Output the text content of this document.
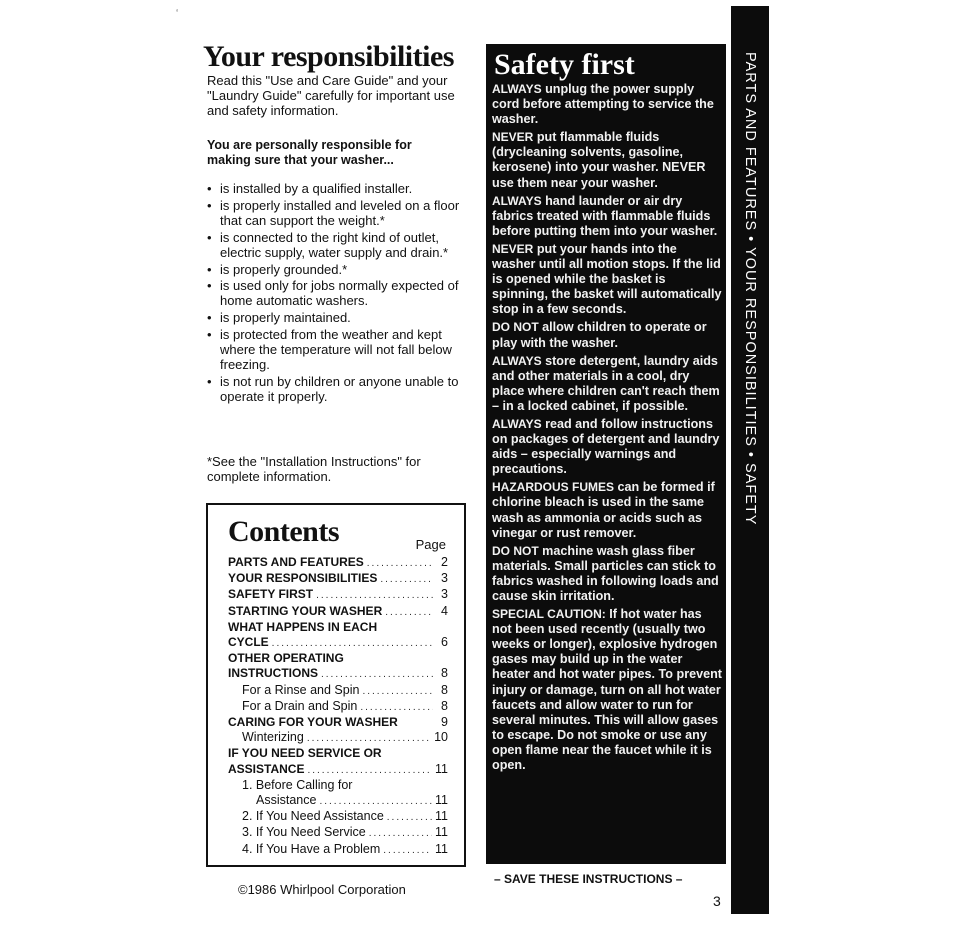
‘
Your responsibilities

Read this "Use and Care Guide" and your "Laundry Guide" carefully for important use and safety information.

You are personally responsible for making sure that your washer...

• is installed by a qualified installer.
• is properly installed and leveled on a floor that can support the weight.*
• is connected to the right kind of outlet, electric supply, water supply and drain.*
• is properly grounded.*
• is used only for jobs normally expected of home automatic washers.
• is properly maintained.
• is protected from the weather and kept where the temperature will not fall below freezing.
• is not run by children or anyone unable to operate it properly.

*See the "Installation Instructions" for complete information.

Contents	Page
PARTS AND FEATURES .....	2
YOUR RESPONSIBILITIES .....	3
SAFETY FIRST .....	3
STARTING YOUR WASHER .....	4
WHAT HAPPENS IN EACH
CYCLE .....	6
OTHER OPERATING
INSTRUCTIONS .....	8
For a Rinse and Spin .....	8
For a Drain and Spin .....	8
CARING FOR YOUR WASHER	9
Winterizing .....	10
IF YOU NEED SERVICE OR
ASSISTANCE .....	11
1. Before Calling for
Assistance .....	11
2. If You Need Assistance .....	11
3. If You Need Service .....	11
4. If You Have a Problem .....	11
©1986 Whirlpool Corporation
Safety first
ALWAYS unplug the power supply cord before attempting to service the washer.
NEVER put flammable fluids (drycleaning solvents, gasoline, kerosene) into your washer. NEVER use them near your washer.
ALWAYS hand launder or air dry fabrics treated with flammable fluids before putting them into your washer.
NEVER put your hands into the washer until all motion stops. If the lid is opened while the basket is spinning, the basket will automatically stop in a few seconds.
DO NOT allow children to operate or play with the washer.
ALWAYS store detergent, laundry aids and other materials in a cool, dry place where children can't reach them – in a locked cabinet, if possible.
ALWAYS read and follow instructions on packages of detergent and laundry aids – especially warnings and precautions.
HAZARDOUS FUMES can be formed if chlorine bleach is used in the same wash as ammonia or acids such as vinegar or rust remover.
DO NOT machine wash glass fiber materials. Small particles can stick to fabrics washed in following loads and cause skin irritation.
SPECIAL CAUTION: If hot water has not been used recently (usually two weeks or longer), explosive hydrogen gases may build up in the water heater and hot water pipes. To prevent injury or damage, turn on all hot water faucets and allow water to run for several minutes. This will allow gases to escape. Do not smoke or use any open flame near the faucet while it is open.
– SAVE THESE INSTRUCTIONS –
3
PARTS AND FEATURES • YOUR RESPONSIBILITIES • SAFETY
